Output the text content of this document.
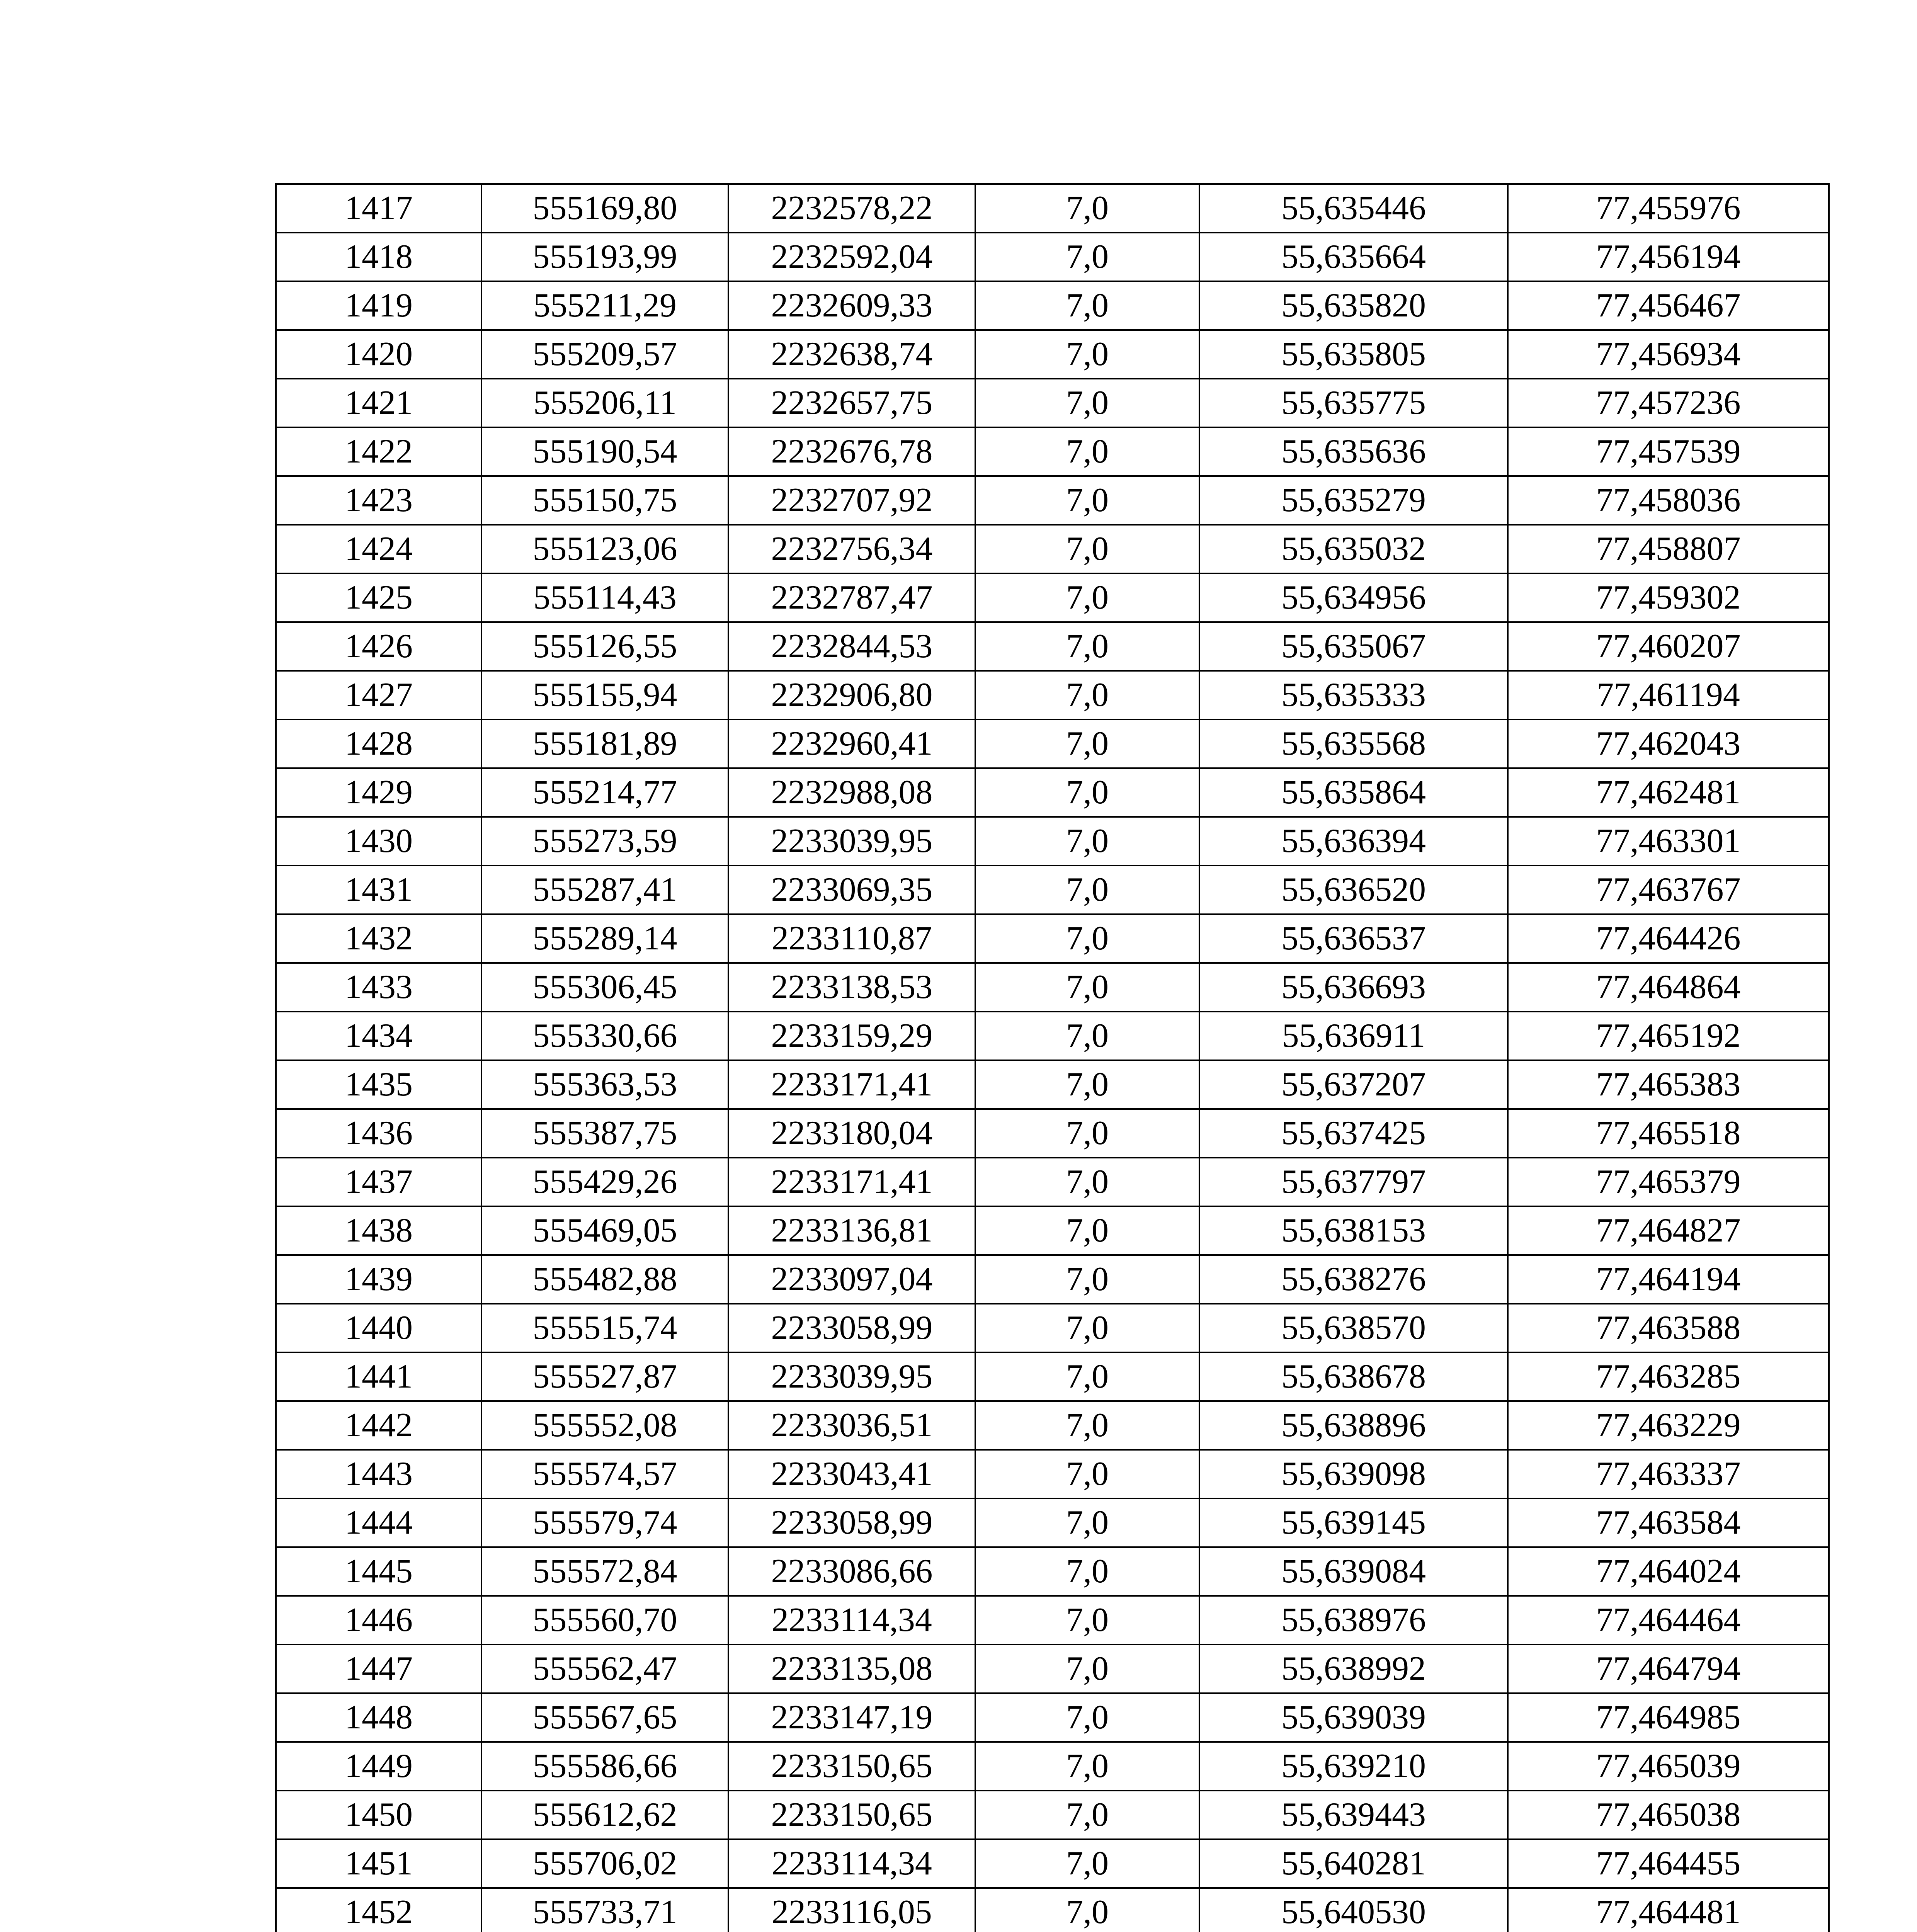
1417	555169,80	2232578,22	7,0	55,635446	77,455976
1418	555193,99	2232592,04	7,0	55,635664	77,456194
1419	555211,29	2232609,33	7,0	55,635820	77,456467
1420	555209,57	2232638,74	7,0	55,635805	77,456934
1421	555206,11	2232657,75	7,0	55,635775	77,457236
1422	555190,54	2232676,78	7,0	55,635636	77,457539
1423	555150,75	2232707,92	7,0	55,635279	77,458036
1424	555123,06	2232756,34	7,0	55,635032	77,458807
1425	555114,43	2232787,47	7,0	55,634956	77,459302
1426	555126,55	2232844,53	7,0	55,635067	77,460207
1427	555155,94	2232906,80	7,0	55,635333	77,461194
1428	555181,89	2232960,41	7,0	55,635568	77,462043
1429	555214,77	2232988,08	7,0	55,635864	77,462481
1430	555273,59	2233039,95	7,0	55,636394	77,463301
1431	555287,41	2233069,35	7,0	55,636520	77,463767
1432	555289,14	2233110,87	7,0	55,636537	77,464426
1433	555306,45	2233138,53	7,0	55,636693	77,464864
1434	555330,66	2233159,29	7,0	55,636911	77,465192
1435	555363,53	2233171,41	7,0	55,637207	77,465383
1436	555387,75	2233180,04	7,0	55,637425	77,465518
1437	555429,26	2233171,41	7,0	55,637797	77,465379
1438	555469,05	2233136,81	7,0	55,638153	77,464827
1439	555482,88	2233097,04	7,0	55,638276	77,464194
1440	555515,74	2233058,99	7,0	55,638570	77,463588
1441	555527,87	2233039,95	7,0	55,638678	77,463285
1442	555552,08	2233036,51	7,0	55,638896	77,463229
1443	555574,57	2233043,41	7,0	55,639098	77,463337
1444	555579,74	2233058,99	7,0	55,639145	77,463584
1445	555572,84	2233086,66	7,0	55,639084	77,464024
1446	555560,70	2233114,34	7,0	55,638976	77,464464
1447	555562,47	2233135,08	7,0	55,638992	77,464794
1448	555567,65	2233147,19	7,0	55,639039	77,464985
1449	555586,66	2233150,65	7,0	55,639210	77,465039
1450	555612,62	2233150,65	7,0	55,639443	77,465038
1451	555706,02	2233114,34	7,0	55,640281	77,464455
1452	555733,71	2233116,05	7,0	55,640530	77,464481
